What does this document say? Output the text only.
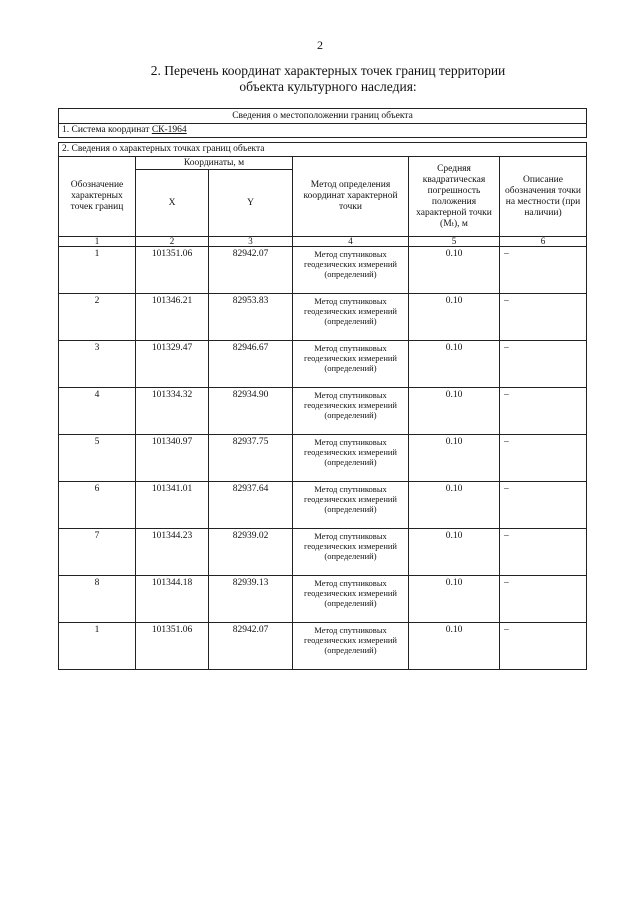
2
2. Перечень координат характерных точек границ территории
объекта культурного наследия:
Сведения о местоположении границ объекта					
1. Система координат СК-1964					

2. Сведения о характерных точках границ объекта					
Обозначение характерных точек границ	Координаты, м		Метод определения координат характерной точки	Средняя квадратическая погрешность положения характерной точки (Mₜ), м	Описание обозначения точки на местности (при наличии)
	X	Y			
1	2	3	4	5	6
1	101351.06	82942.07	Метод спутниковых геодезических измерений (определений)	0.10	–
2	101346.21	82953.83	Метод спутниковых геодезических измерений (определений)	0.10	–
3	101329.47	82946.67	Метод спутниковых геодезических измерений (определений)	0.10	–
4	101334.32	82934.90	Метод спутниковых геодезических измерений (определений)	0.10	–
5	101340.97	82937.75	Метод спутниковых геодезических измерений (определений)	0.10	–
6	101341.01	82937.64	Метод спутниковых геодезических измерений (определений)	0.10	–
7	101344.23	82939.02	Метод спутниковых геодезических измерений (определений)	0.10	–
8	101344.18	82939.13	Метод спутниковых геодезических измерений (определений)	0.10	–
1	101351.06	82942.07	Метод спутниковых геодезических измерений (определений)	0.10	–
